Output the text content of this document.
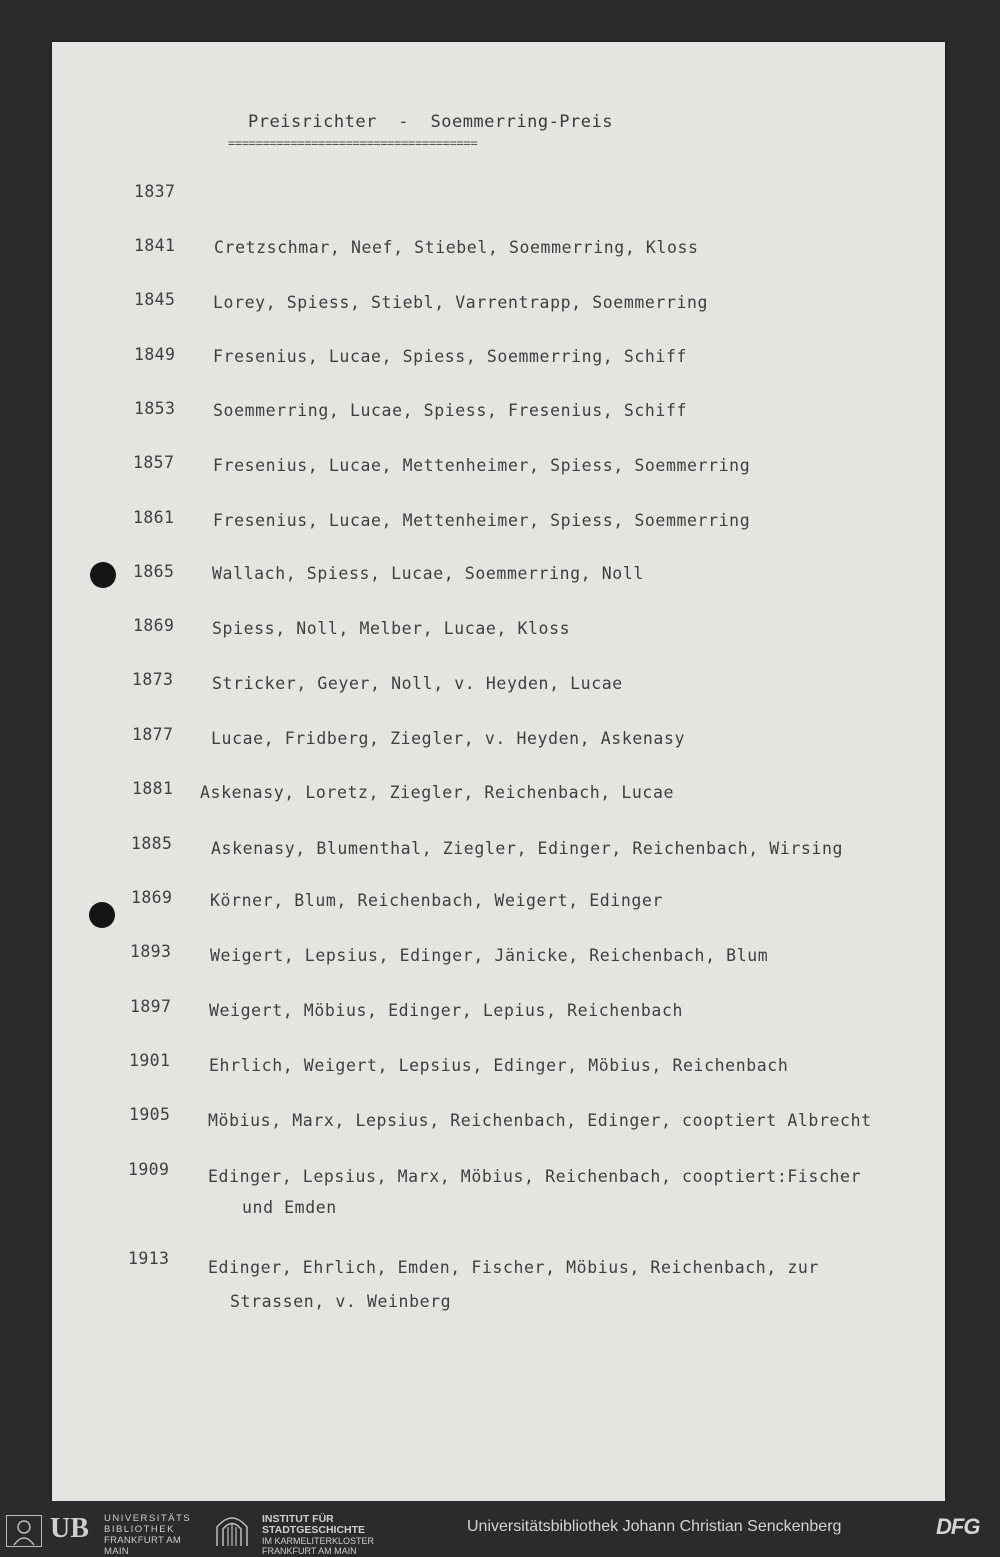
Preisrichter  -  Soemmerring-Preis
====================================
1837
1841 Cretzschmar, Neef, Stiebel, Soemmerring, Kloss
1845 Lorey, Spiess, Stiebl, Varrentrapp, Soemmerring
1849 Fresenius, Lucae, Spiess, Soemmerring, Schiff
1853 Soemmerring, Lucae, Spiess, Fresenius, Schiff
1857 Fresenius, Lucae, Mettenheimer, Spiess, Soemmerring
1861 Fresenius, Lucae, Mettenheimer, Spiess, Soemmerring
1865 Wallach, Spiess, Lucae, Soemmerring, Noll
1869 Spiess, Noll, Melber, Lucae, Kloss
1873 Stricker, Geyer, Noll, v. Heyden, Lucae
1877 Lucae, Fridberg, Ziegler, v. Heyden, Askenasy
1881 Askenasy, Loretz, Ziegler, Reichenbach, Lucae
1885 Askenasy, Blumenthal, Ziegler, Edinger, Reichenbach, Wirsing
1869 Körner, Blum, Reichenbach, Weigert, Edinger
1893 Weigert, Lepsius, Edinger, Jänicke, Reichenbach, Blum
1897 Weigert, Möbius, Edinger, Lepius, Reichenbach
1901 Ehrlich, Weigert, Lepsius, Edinger, Möbius, Reichenbach
1905 Möbius, Marx, Lepsius, Reichenbach, Edinger, cooptiert Albrecht
1909 Edinger, Lepsius, Marx, Möbius, Reichenbach, cooptiert:Fischer
und Emden
1913 Edinger, Ehrlich, Emden, Fischer, Möbius, Reichenbach, zur
Strassen, v. Weinberg
UB UNIVERSITÄTS
BIBLIOTHEK
FRANKFURT AM MAIN
INSTITUT FÜR
STADTGESCHICHTE
IM KARMELITERKLOSTER
FRANKFURT AM MAIN
Universitätsbibliothek Johann Christian Senckenberg	DFG
